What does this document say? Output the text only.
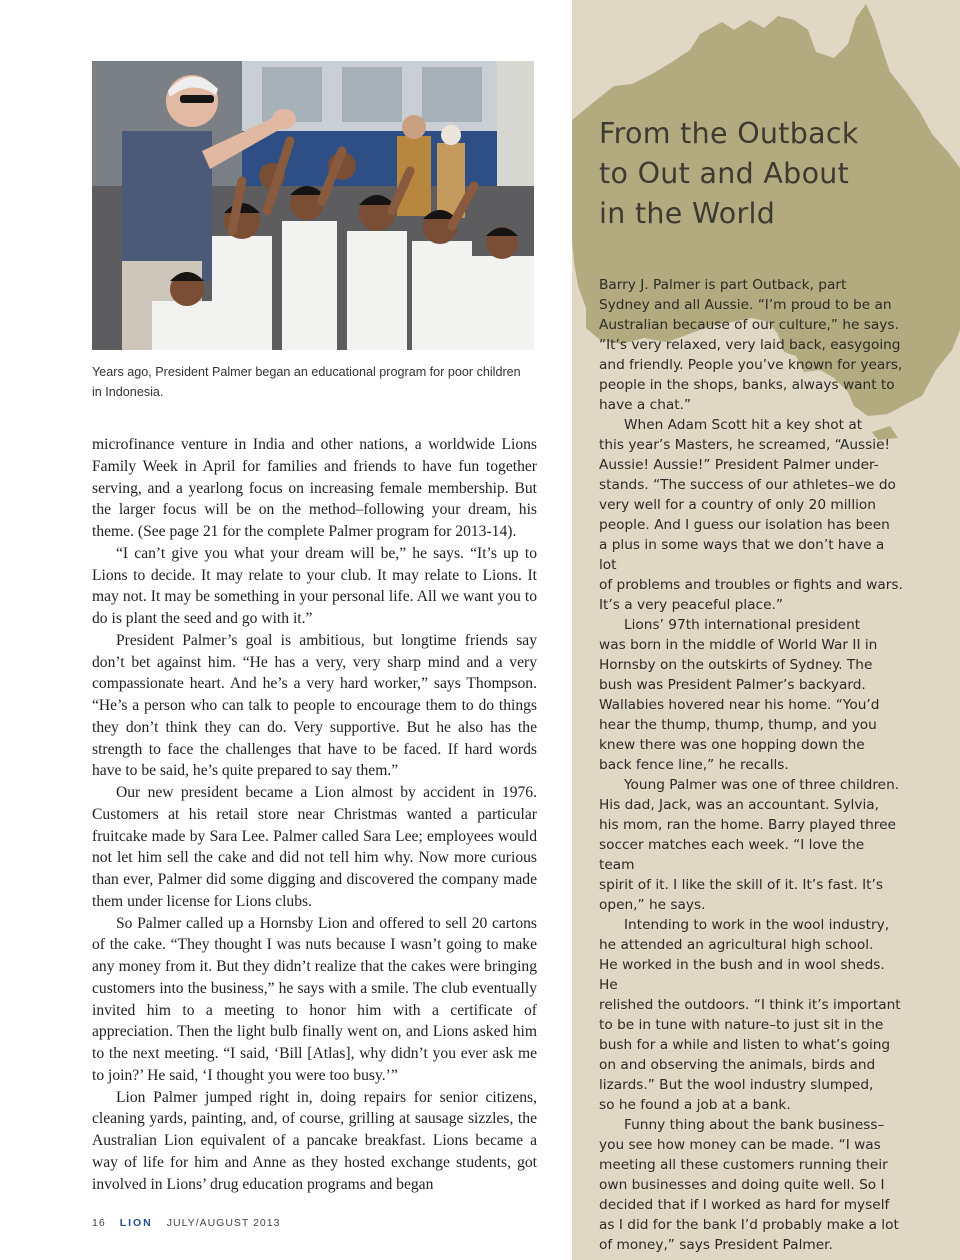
Years ago, President Palmer began an educational program for poor children in Indonesia.

microfinance venture in India and other nations, a worldwide Lions Family Week in April for families and friends to have fun together serving, and a yearlong focus on increasing female membership. But the larger focus will be on the method–following your dream, his theme. (See page 21 for the complete Palmer program for 2013-14).

“I can’t give you what your dream will be,” he says. “It’s up to Lions to decide. It may relate to your club. It may relate to Lions. It may not. It may be something in your personal life. All we want you to do is plant the seed and go with it.”

President Palmer’s goal is ambitious, but longtime friends say don’t bet against him. “He has a very, very sharp mind and a very compassionate heart. And he’s a very hard worker,” says Thompson. “He’s a person who can talk to people to encourage them to do things they don’t think they can do. Very supportive. But he also has the strength to face the challenges that have to be faced. If hard words have to be said, he’s quite prepared to say them.”

Our new president became a Lion almost by accident in 1976. Customers at his retail store near Christmas wanted a particular fruitcake made by Sara Lee. Palmer called Sara Lee; employees would not let him sell the cake and did not tell him why. Now more curious than ever, Palmer did some digging and discovered the company made them under license for Lions clubs.

So Palmer called up a Hornsby Lion and offered to sell 20 cartons of the cake. “They thought I was nuts because I wasn’t going to make any money from it. But they didn’t realize that the cakes were bringing customers into the business,” he says with a smile. The club eventually invited him to a meeting to honor him with a certificate of appreciation. Then the light bulb finally went on, and Lions asked him to the next meeting. “I said, ‘Bill [Atlas], why didn’t you ever ask me to join?’ He said, ‘I thought you were too busy.’”

Lion Palmer jumped right in, doing repairs for senior citizens, cleaning yards, painting, and, of course, grilling at sausage sizzles, the Australian Lion equivalent of a pancake breakfast. Lions became a way of life for him and Anne as they hosted exchange students, got involved in Lions’ drug education programs and began

16 LION JULY/AUGUST 2013
From the Outback
to Out and About
in the World

Barry J. Palmer is part Outback, part
Sydney and all Aussie. “I’m proud to be an
Australian because of our culture,” he says.
“It’s very relaxed, very laid back, easygoing
and friendly. People you’ve known for years,
people in the shops, banks, always want to
have a chat.”

When Adam Scott hit a key shot at
this year’s Masters, he screamed, “Aussie!
Aussie! Aussie!” President Palmer under-
stands. “The success of our athletes–we do
very well for a country of only 20 million
people. And I guess our isolation has been
a plus in some ways that we don’t have a lot
of problems and troubles or fights and wars.
It’s a very peaceful place.”

Lions’ 97th international president
was born in the middle of World War II in
Hornsby on the outskirts of Sydney. The
bush was President Palmer’s backyard.
Wallabies hovered near his home. “You’d
hear the thump, thump, thump, and you
knew there was one hopping down the
back fence line,” he recalls.

Young Palmer was one of three children.
His dad, Jack, was an accountant. Sylvia,
his mom, ran the home. Barry played three
soccer matches each week. “I love the team
spirit of it. I like the skill of it. It’s fast. It’s
open,” he says.

Intending to work in the wool industry,
he attended an agricultural high school.
He worked in the bush and in wool sheds. He
relished the outdoors. “I think it’s important
to be in tune with nature–to just sit in the
bush for a while and listen to what’s going
on and observing the animals, birds and
lizards.” But the wool industry slumped,
so he found a job at a bank.

Funny thing about the bank business–
you see how money can be made. “I was
meeting all these customers running their
own businesses and doing quite well. So I
decided that if I worked as hard for myself
as I did for the bank I’d probably make a lot
of money,” says President Palmer.
